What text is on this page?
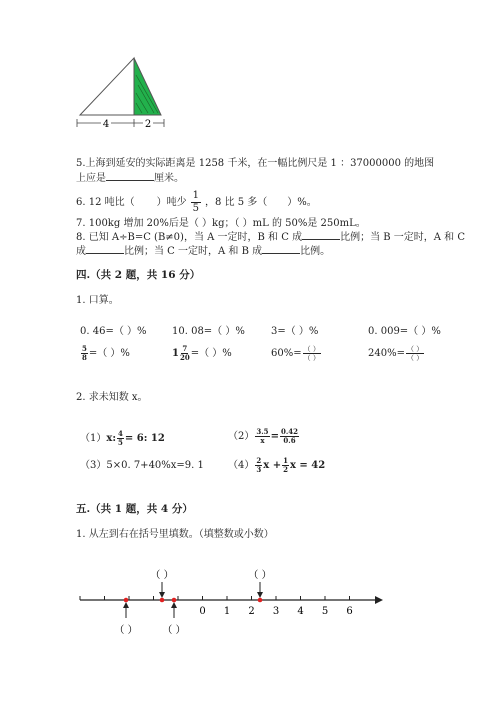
4	2
5.上海到延安的实际距离是 1258 千米，在一幅比例尺是 1 ：37000000 的地图
上应是	厘米。
6. 12 吨比（ ）吨少 $\frac{1}{5}$ ，8 比 5 多（ ）%。
7. 100kg 增加 20%后是（ ）kg；（ ）mL 的 50%是 250mL。
8. 已知 A÷B=C (B≠0)，当 A 一定时，B 和 C 成	比例；当 B 一定时，A 和 C
成	比例；当 C 一定时，A 和 B 成	比例。
四.（共 2 题，共 16 分）
1. 口算。
0. 46=（ ）%	10. 08=（ ）%	3=（ ）%	0. 009=（ ）%
$\frac{5}{8}$ =（ ）%	$1 \frac{7}{20}$ =（ ）%	$60\%= \frac{( )}{( )}$	$240\%= \frac{( )}{( )}$
2. 求未知数 x。
（1）x: $\frac{4}{5} = 6$: 12	$(2) \frac{3.5}{x} = \frac{0.42}{0.6}$
（3）5×0. 7+40%x=9. 1 $(4) \frac{2}{3}$ $x + \frac{1}{2}$ x = 42
五.（共 1 题，共 4 分）
1. 从左到右在括号里填数。（填整数或小数）
0 1 2 3 4 5 6
（ ）	（ ）
（ ） （ ）
